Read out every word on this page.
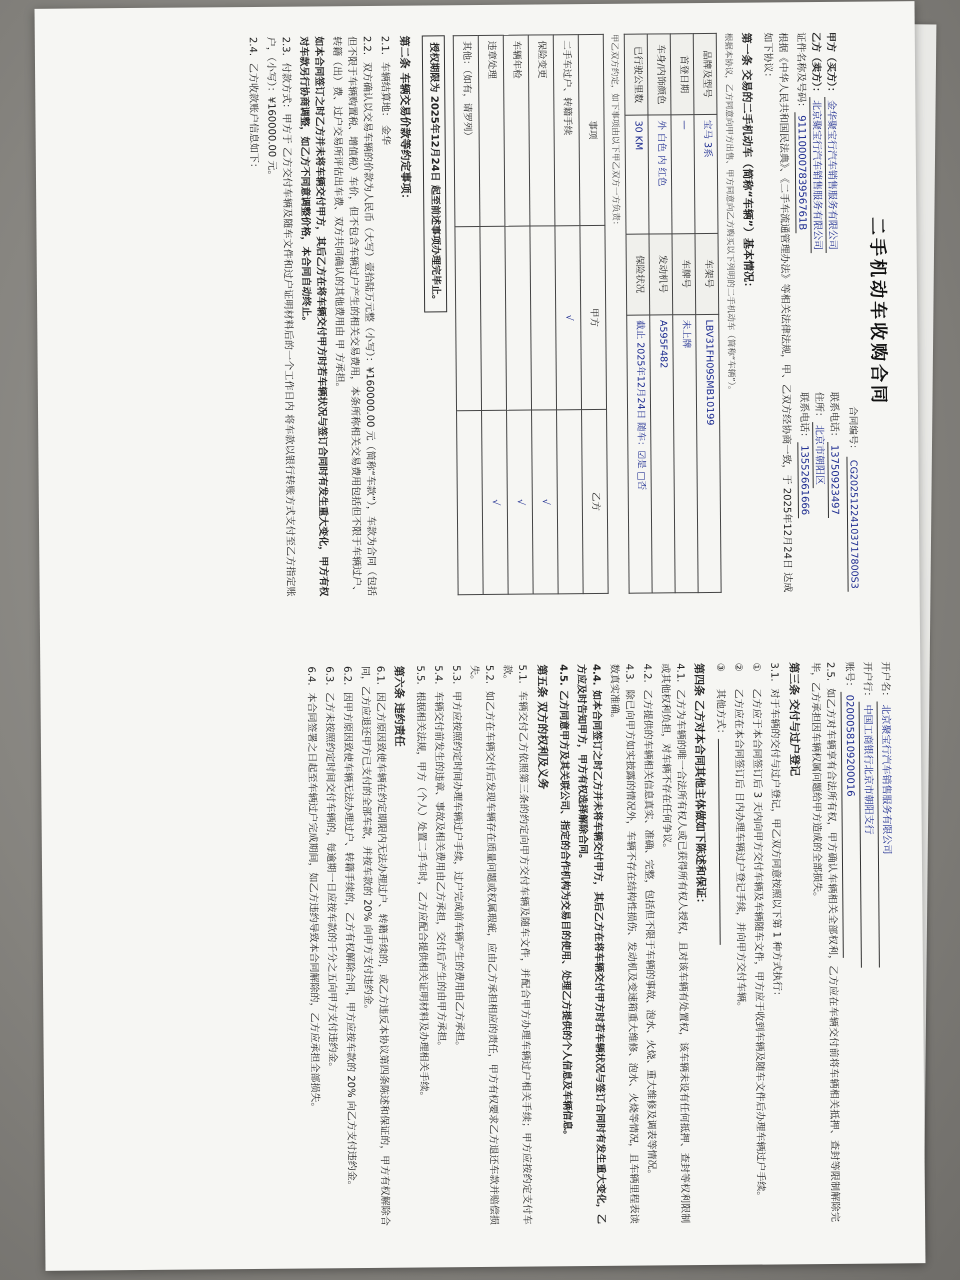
二手机动车收购合同
合同编号： CG20251224103717800S3
甲方（买方）：金华聚宝行汽车销售服务有限公司
联系电话：13750923497
乙方（卖方）：北京聚宝行汽车销售服务有限公司
住所：北京市朝阳区
证件名称及号码：91110000783956761B
联系电话：13552661666
根据《中华人民共和国民法典》、《二手车流通管理办法》等相关法律法规，甲、乙双方经协商一致，于 2025年12月24日 达成如下协议：
第一条 交易的二手机动车（简称“车辆”）基本情况：
根据本协议，乙方同意向甲方出售、甲方同意向乙方购买以下列明的二手机动车（简称“车辆”）。
品牌及型号	宝马 3系	车架号	LBV31FH09SMB10199
首登日期	—	车牌号	未上牌
车身/内饰颜色	外 白色 内 红色	发动机号	A595F482
已行驶公里数	30 KM	保险状况	截止 2025年12月24日 随车：☑是 □否
甲乙双方约定，如下事项由以下甲乙双方一方负责：
事项	甲方	乙方
二手车过户、转籍手续	√	
保险变更		√
车辆年检		√
违章处理		√
其他：（如有，请罗列）		
授权期限为 2025年12月24日 起至前述事项办理完毕止。
第二条 车辆交易价款等约定事项：
2.1.车辆结算地： 金华
2.2.双方确认以交易车辆的价款为人民币（大写）壹拾陆万元整（小写）：¥160000.00 元（简称“车款”），车款为合同（包括但不限于车辆购置税、增值税）车价，但不包含车辆过户产生的相关交易费用，本条所称相关交易费用包括但不限于车辆过户、转籍（出）费、过户交易所评估出车费、双方共同确认的其他费用由 甲 方承担。
如本合同签订之时乙方并未将车辆交付甲方，其后乙方在将车辆交付甲方时若车辆状况与签订合同时有发生重大变化，甲方有权对车款另行协商调整，如乙方不同意调整价格，本合同自动终止。
2.3.付款方式：甲方于 乙方交付车辆及随车文件和过户证明材料后的一个工作日内 将车款以银行转账方式支付至乙方指定账户，（小写）：¥160000.00 元。
2.4.乙方收款账户信息如下：
开户名：北京聚宝行汽车销售服务有限公司
开户行：中国工商银行北京市朝阳支行
账号：0200058109200016
2.5.如乙方对车辆享有合法所有权，甲方确认车辆相关全部权利，乙方应在车辆交付前将车辆相关抵押、查封等限制解除完毕，乙方承担因车辆权属问题给甲方造成的全部损失。
第三条 交付与过户登记
3.1.对于车辆的交付与过户登记，甲乙双方同意按照以下第 1 种方式执行：
①乙方应于本合同签订后 3 天内向甲方交付车辆及车辆随车文件，甲方应于收到车辆及随车文件后办理车辆过户手续。
②乙方应在本合同签订后 日内办理车辆过户登记手续，并向甲方交付车辆。
③其他方式：
第四条 乙方对本合同其他主体做如下陈述和保证：
4.1.乙方为车辆的唯一合法所有权人或已获得所有权人授权，且对该车辆有处置权，该车辆未设有任何抵押、查封等权利限制或其他权利负担，对车辆不存在任何争议。
4.2.乙方提供的车辆相关信息真实、准确、完整，包括但不限于车辆的事故、泡水、火烧、重大维修及调表等情况。
4.3.除已向甲方如实披露的情况外，车辆不存在结构性损伤、发动机及变速箱重大维修、泡水、火烧等情况，且车辆里程表读数真实准确。
4.4.如本合同签订之时乙方并未将车辆交付甲方，其后乙方在将车辆交付甲方时若车辆状况与签订合同时有发生重大变化，乙方应及时告知甲方，甲方有权选择解除合同。
4.5.乙方同意甲方及其关联公司、指定的合作机构为交易目的使用、处理乙方提供的个人信息及车辆信息。
第五条 双方的权利及义务
5.1.车辆交付乙方依照第三条的约定向甲方交付车辆及随车文件，并配合甲方办理车辆过户相关手续；甲方应按约定支付车款。
5.2.如乙方在车辆交付后发现车辆存在质量问题或权属瑕疵，应由乙方承担相应的责任，甲方有权要求乙方退还车款并赔偿损失。
5.3.甲方应按照约定时间办理车辆过户手续，过户完成前车辆产生的费用由乙方承担。
5.4.车辆交付前发生的违章、事故及相关费用由乙方承担，交付后产生的由甲方承担。
5.5.根据相关法规，甲方（个人）处置二手车时，乙方应配合提供相关证明材料及办理相关手续。
第六条 违约责任
6.1.因乙方原因致使车辆在约定期限内无法办理过户、转籍手续的，或乙方违反本协议第四条陈述和保证的，甲方有权解除合同，乙方应退还甲方已支付的全部车款，并按车款的 20% 向甲方支付违约金。
6.2.因甲方原因致使车辆无法办理过户、转籍手续的，乙方有权解除合同，甲方应按车款的 20% 向乙方支付违约金。
6.3.乙方未按照约定时间交付车辆的，每逾期一日应按车款的千分之五向甲方支付违约金。
6.4.本合同签署之日起至车辆过户完成期间，如乙方违约导致本合同解除的，乙方应承担全部损失。
